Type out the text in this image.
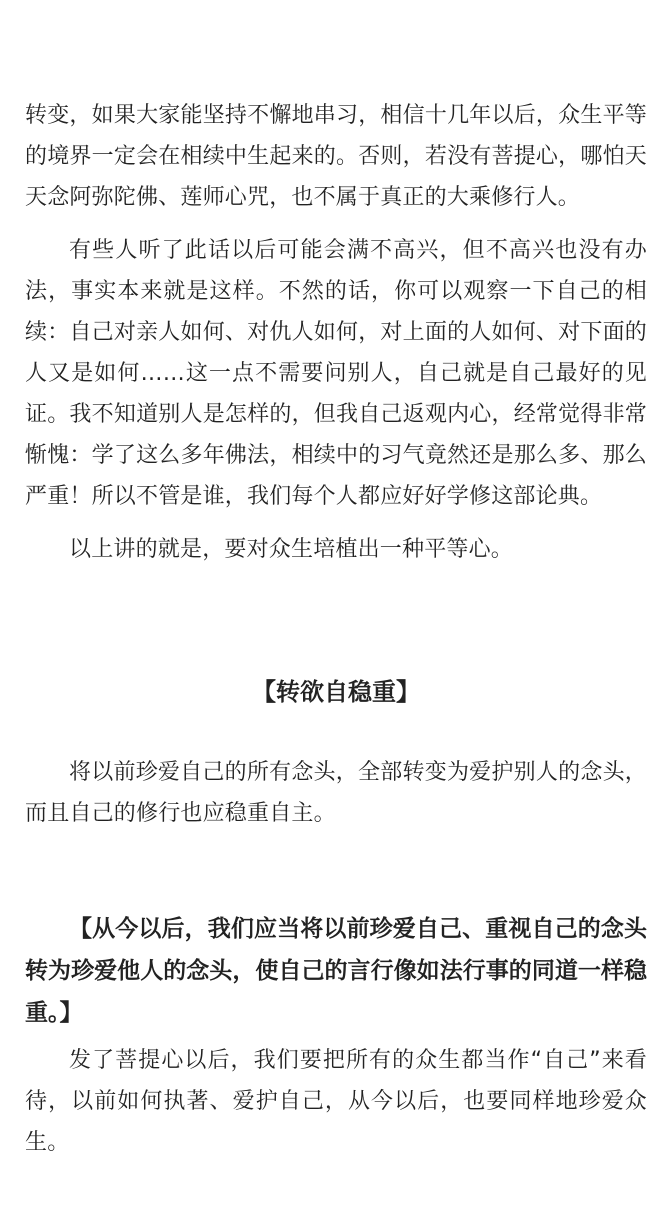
转变，如果大家能坚持不懈地串习，相信十几年以后，众生平等的境界一定会在相续中生起来的。否则，若没有菩提心，哪怕天天念阿弥陀佛、莲师心咒，也不属于真正的大乘修行人。

有些人听了此话以后可能会满不高兴，但不高兴也没有办法，事实本来就是这样。不然的话，你可以观察一下自己的相续：自己对亲人如何、对仇人如何，对上面的人如何、对下面的人又是如何……这一点不需要问别人，自己就是自己最好的见证。我不知道别人是怎样的，但我自己返观内心，经常觉得非常惭愧：学了这么多年佛法，相续中的习气竟然还是那么多、那么严重！所以不管是谁，我们每个人都应好好学修这部论典。

以上讲的就是，要对众生培植出一种平等心。

【转欲自稳重】

将以前珍爱自己的所有念头，全部转变为爱护别人的念头，而且自己的修行也应稳重自主。

【从今以后，我们应当将以前珍爱自己、重视自己的念头转为珍爱他人的念头，使自己的言行像如法行事的同道一样稳重。】

发了菩提心以后，我们要把所有的众生都当作“自己”来看待，以前如何执著、爱护自己，从今以后，也要同样地珍爱众生。
